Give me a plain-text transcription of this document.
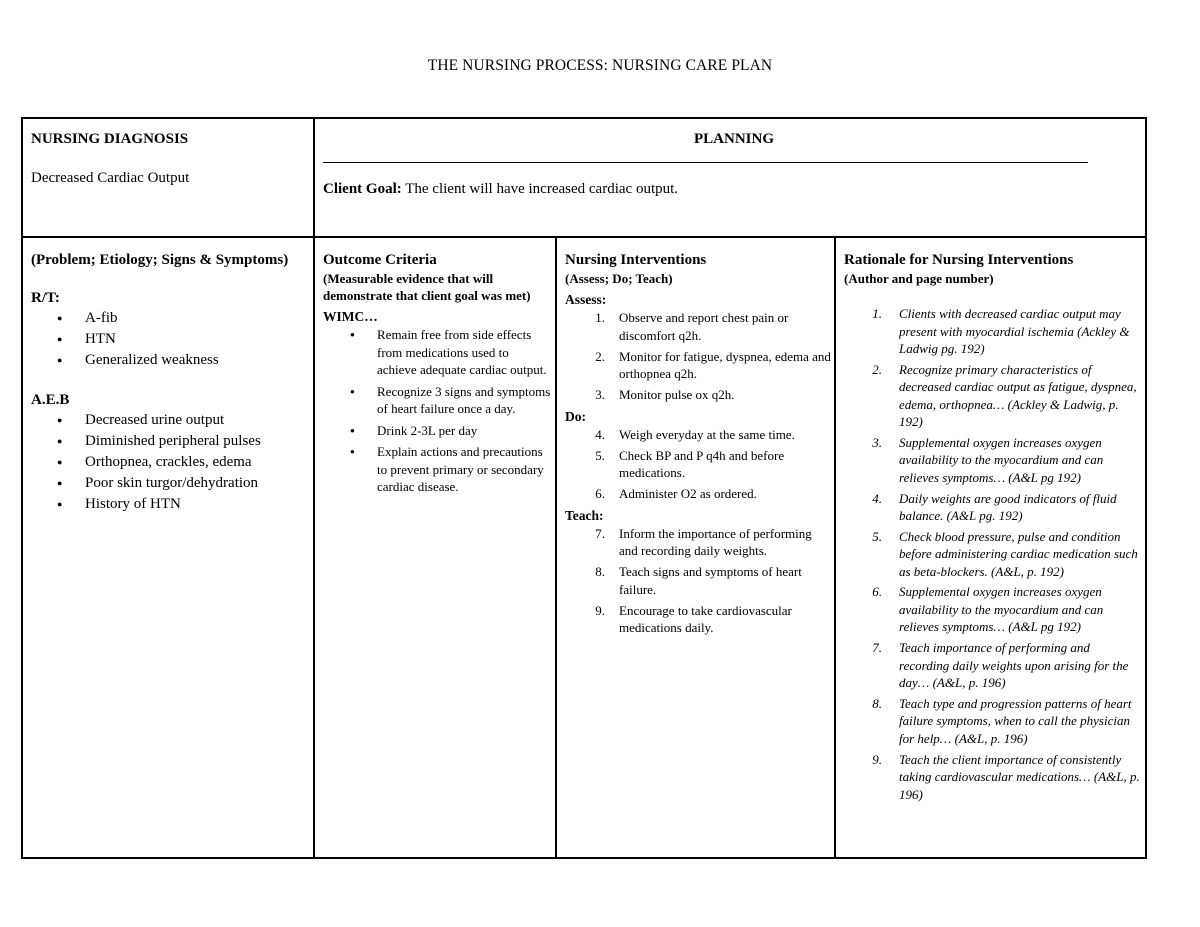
THE NURSING PROCESS: NURSING CARE PLAN
NURSING DIAGNOSIS
Decreased Cardiac Output
PLANNING
Client Goal: The client will have increased cardiac output.
(Problem; Etiology; Signs & Symptoms)
R/T:
● A-fib
● HTN
● Generalized weakness
A.E.B
● Decreased urine output
● Diminished peripheral pulses
● Orthopnea, crackles, edema
● Poor skin turgor/dehydration
● History of HTN
Outcome Criteria
(Measurable evidence that will demonstrate that client goal was met)
WIMC…
● Remain free from side effects from medications used to achieve adequate cardiac output.
● Recognize 3 signs and symptoms of heart failure once a day.
● Drink 2-3L per day
● Explain actions and precautions to prevent primary or secondary cardiac disease.
Nursing Interventions
(Assess; Do; Teach)
Assess:
1. Observe and report chest pain or discomfort q2h.
2. Monitor for fatigue, dyspnea, edema and orthopnea q2h.
3. Monitor pulse ox q2h.
Do:
4. Weigh everyday at the same time.
5. Check BP and P q4h and before medications.
6. Administer O2 as ordered.
Teach:
7. Inform the importance of performing and recording daily weights.
8. Teach signs and symptoms of heart failure.
9. Encourage to take cardiovascular medications daily.
Rationale for Nursing Interventions
(Author and page number)
1. Clients with decreased cardiac output may present with myocardial ischemia (Ackley & Ladwig pg. 192)
2. Recognize primary characteristics of decreased cardiac output as fatigue, dyspnea, edema, orthopnea… (Ackley & Ladwig, p. 192)
3. Supplemental oxygen increases oxygen availability to the myocardium and can relieves symptoms… (A&L pg 192)
4. Daily weights are good indicators of fluid balance. (A&L pg. 192)
5. Check blood pressure, pulse and condition before administering cardiac medication such as beta-blockers. (A&L, p. 192)
6. Supplemental oxygen increases oxygen availability to the myocardium and can relieves symptoms… (A&L pg 192)
7. Teach importance of performing and recording daily weights upon arising for the day… (A&L, p. 196)
8. Teach type and progression patterns of heart failure symptoms, when to call the physician for help… (A&L, p. 196)
9. Teach the client importance of consistently taking cardiovascular medications… (A&L, p. 196)
